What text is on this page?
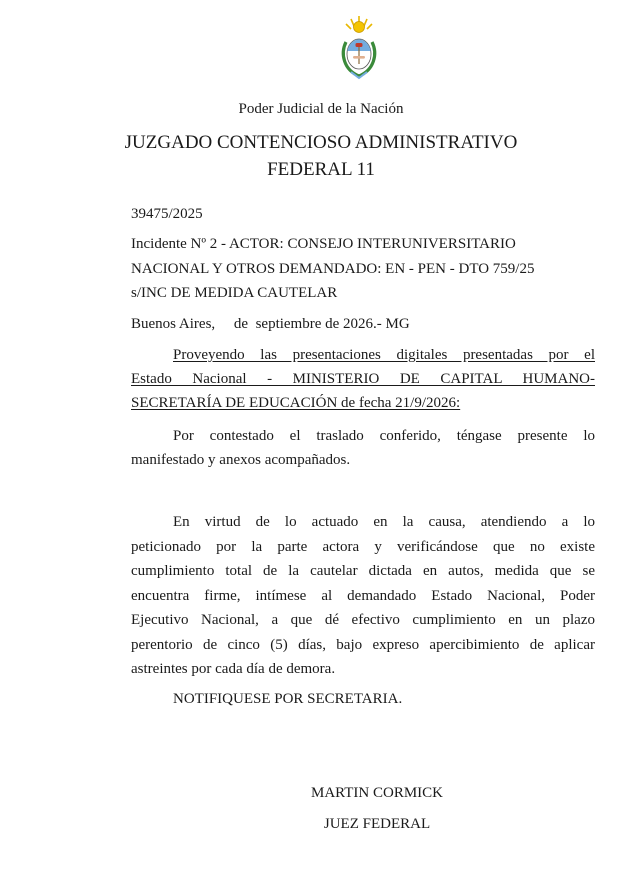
Poder Judicial de la Nación
JUZGADO CONTENCIOSO ADMINISTRATIVO
FEDERAL 11
39475/2025
Incidente Nº 2 - ACTOR: CONSEJO INTERUNIVERSITARIO
NACIONAL Y OTROS DEMANDADO: EN - PEN - DTO 759/25
s/INC DE MEDIDA CAUTELAR
Buenos Aires,     de  septiembre de 2026.- MG
Proveyendo las presentaciones digitales presentadas por el
Estado Nacional - MINISTERIO DE CAPITAL HUMANO-
SECRETARÍA DE EDUCACIÓN de fecha 21/9/2026:
Por contestado el traslado conferido, téngase presente lo
manifestado y anexos acompañados.
En virtud de lo actuado en la causa, atendiendo a lo
peticionado por la parte actora y verificándose que no existe
cumplimiento total de la cautelar dictada en autos, medida que se
encuentra firme, intímese al demandado Estado Nacional, Poder
Ejecutivo Nacional, a que dé efectivo cumplimiento en un plazo
perentorio de cinco (5) días, bajo expreso apercibimiento de aplicar
astreintes por cada día de demora.
NOTIFIQUESE POR SECRETARIA.
MARTIN CORMICK
JUEZ FEDERAL
